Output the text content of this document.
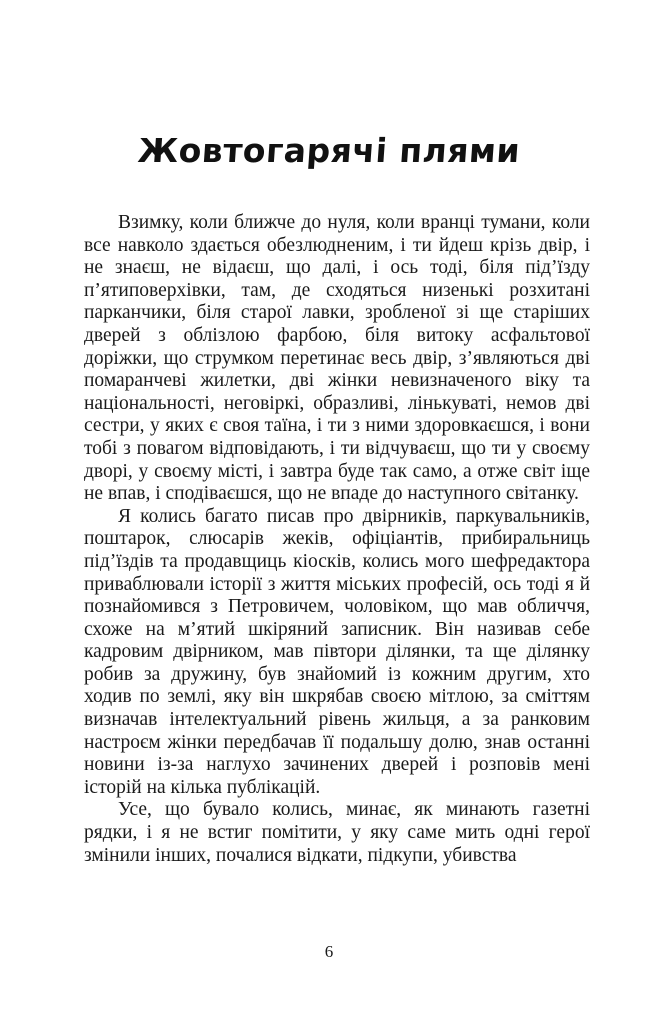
Жовтогарячі плями

Взимку, коли ближче до нуля, коли вранці тумани, коли все навколо здається обезлюдненим, і ти йдеш крізь двір, і не знаєш, не відаєш, що далі, і ось тоді, біля під’їзду п’ятиповерхівки, там, де сходяться низенькі розхитані парканчики, біля старої лавки, зробленої зі ще старіших дверей з облізлою фарбою, біля витоку асфальтової доріжки, що струмком перетинає весь двір, з’являються дві помаранчеві жилетки, дві жінки невизначеного віку та національності, неговіркі, образливі, лінькуваті, немов дві сестри, у яких є своя таїна, і ти з ними здоровкаєшся, і вони тобі з повагом відповідають, і ти відчуваєш, що ти у своєму дворі, у своєму місті, і завтра буде так само, а отже світ іще не впав, і сподіваєшся, що не впаде до наступного світанку.

Я колись багато писав про двірників, паркувальників, поштарок, слюсарів жеків, офіціантів, прибиральниць під’їздів та продавщиць кіосків, колись мого шефредактора приваблювали історії з життя міських професій, ось тоді я й познайомився з Петровичем, чоловіком, що мав обличчя, схоже на м’ятий шкіряний записник. Він називав себе кадровим двірником, мав півтори ділянки, та ще ділянку робив за дружину, був знайомий із кожним другим, хто ходив по землі, яку він шкрябав своєю мітлою, за сміттям визначав інтелектуальний рівень жильця, а за ранковим настроєм жінки передбачав її подальшу долю, знав останні новини із-за наглухо зачинених дверей і розповів мені історій на кілька публікацій.

Усе, що бувало колись, минає, як минають газетні рядки, і я не встиг помітити, у яку саме мить одні герої змінили інших, почалися відкати, підкупи, убивства

6
